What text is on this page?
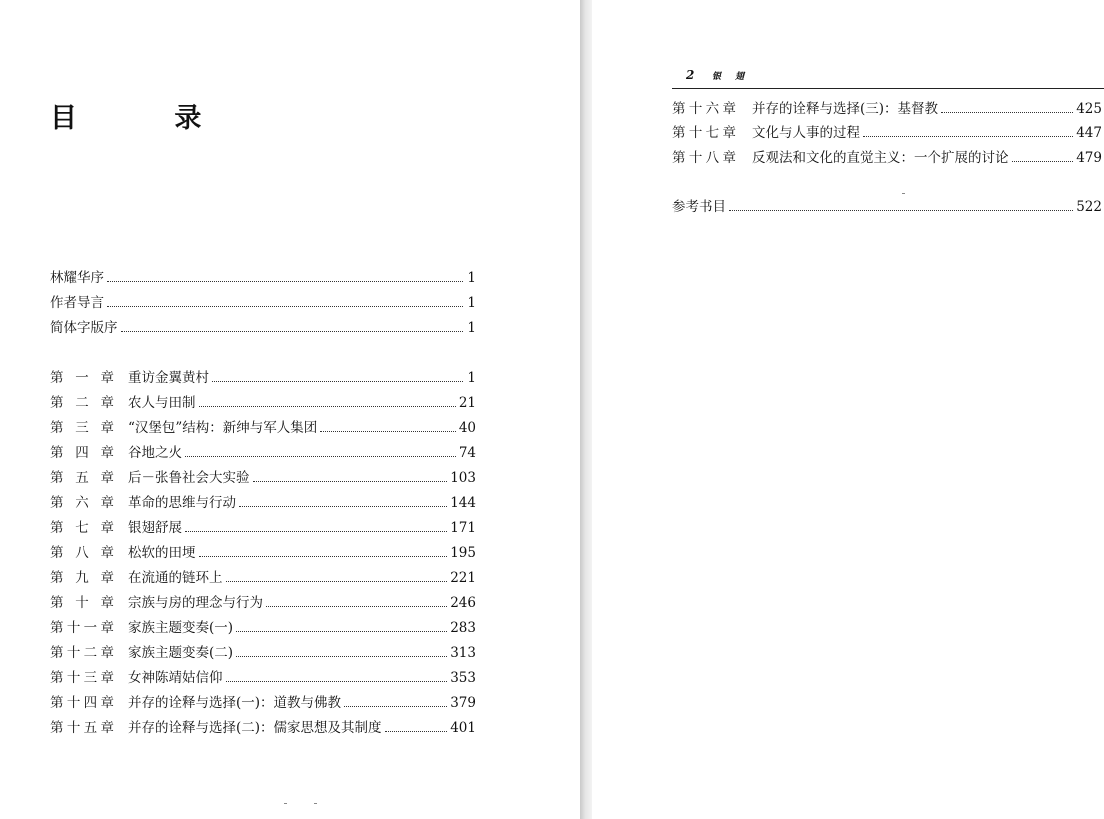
目 录
林耀华序	1
作者导言	1
简体字版序	1
第一章 重访金翼黄村	1
第二章 农人与田制	21
第三章 “汉堡包”结构：新绅与军人集团	40
第四章 谷地之火	74
第五章 后－张鲁社会大实验	103
第六章 革命的思维与行动	144
第七章 银翅舒展	171
第八章 松软的田埂	195
第九章 在流通的链环上	221
第十章 宗族与房的理念与行为	246
第十一章 家族主题变奏(一)	283
第十二章 家族主题变奏(二)	313
第十三章 女神陈靖姑信仰	353
第十四章 并存的诠释与选择(一)：道教与佛教	379
第十五章 并存的诠释与选择(二)：儒家思想及其制度	401
2 银翅
第十六章 并存的诠释与选择(三)：基督教	425
第十七章 文化与人事的过程	447
第十八章 反观法和文化的直觉主义：一个扩展的讨论	479
参考书目	522
